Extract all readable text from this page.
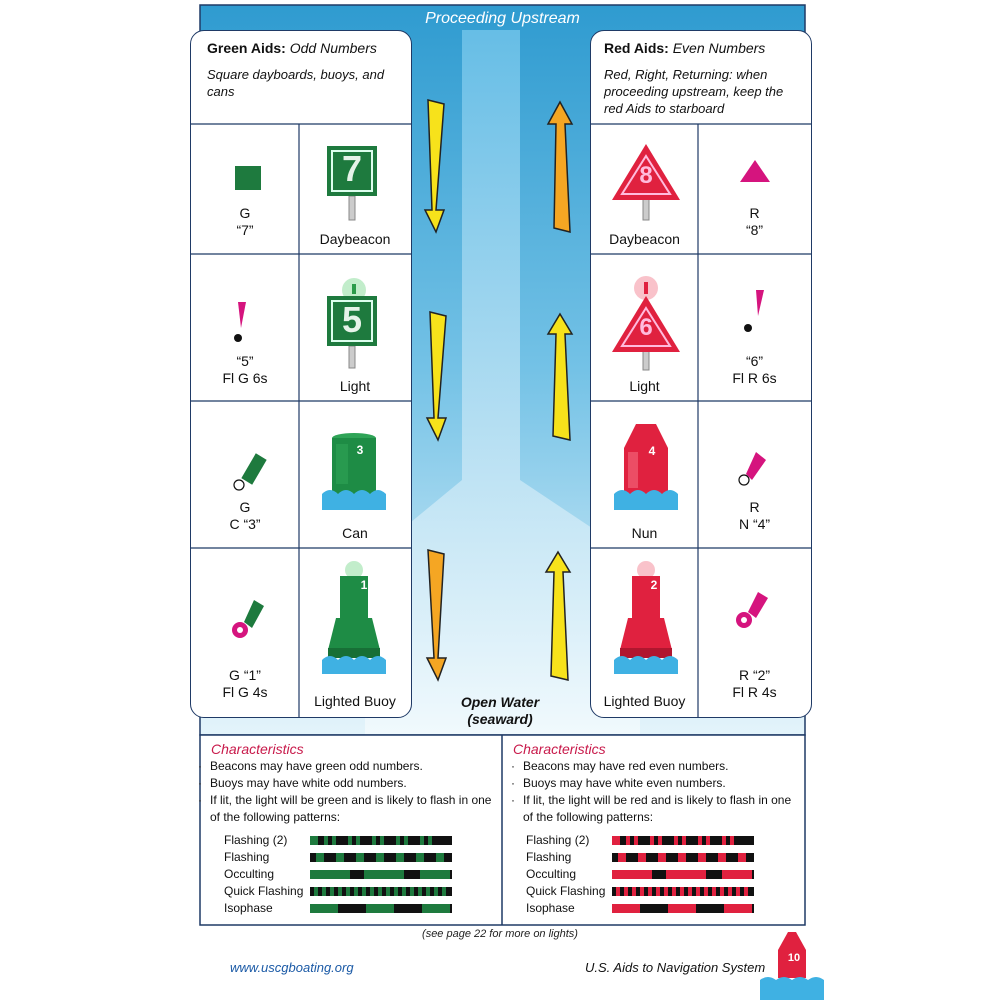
Proceeding Upstream
Green Aids: Odd Numbers
Square dayboards, buoys, and
cans
Red Aids: Even Numbers
Red, Right, Returning: when
proceeding upstream, keep the
red Aids to starboard
7
5
3
1
8
6
4
2
10
G
“7”
Daybeacon
“5”
Fl G 6s	Light
G
C “3”
Can
G “1”
Fl G 4s
Lighted Buoy
R
“8”
Daybeacon
“6”
Fl R 6s
Light
R
N “4”
Nun
R “2”
Fl R 4s
Lighted Buoy
Open Water
(seaward)
Characteristics
· Beacons may have green odd numbers.
· Buoys may have white odd numbers.
· If lit, the light will be green and is likely to flash in one of the following patterns:
Flashing (2)
Flashing
Occulting
Quick Flashing
Isophase
Characteristics
· Beacons may have red even numbers.
· Buoys may have white even numbers.
· If lit, the light will be red and is likely to flash in one of the following patterns:
Flashing (2)
Flashing
Occulting
Quick Flashing
Isophase
(see page 22 for more on lights)
www.uscgboating.org	U.S. Aids to Navigation System
